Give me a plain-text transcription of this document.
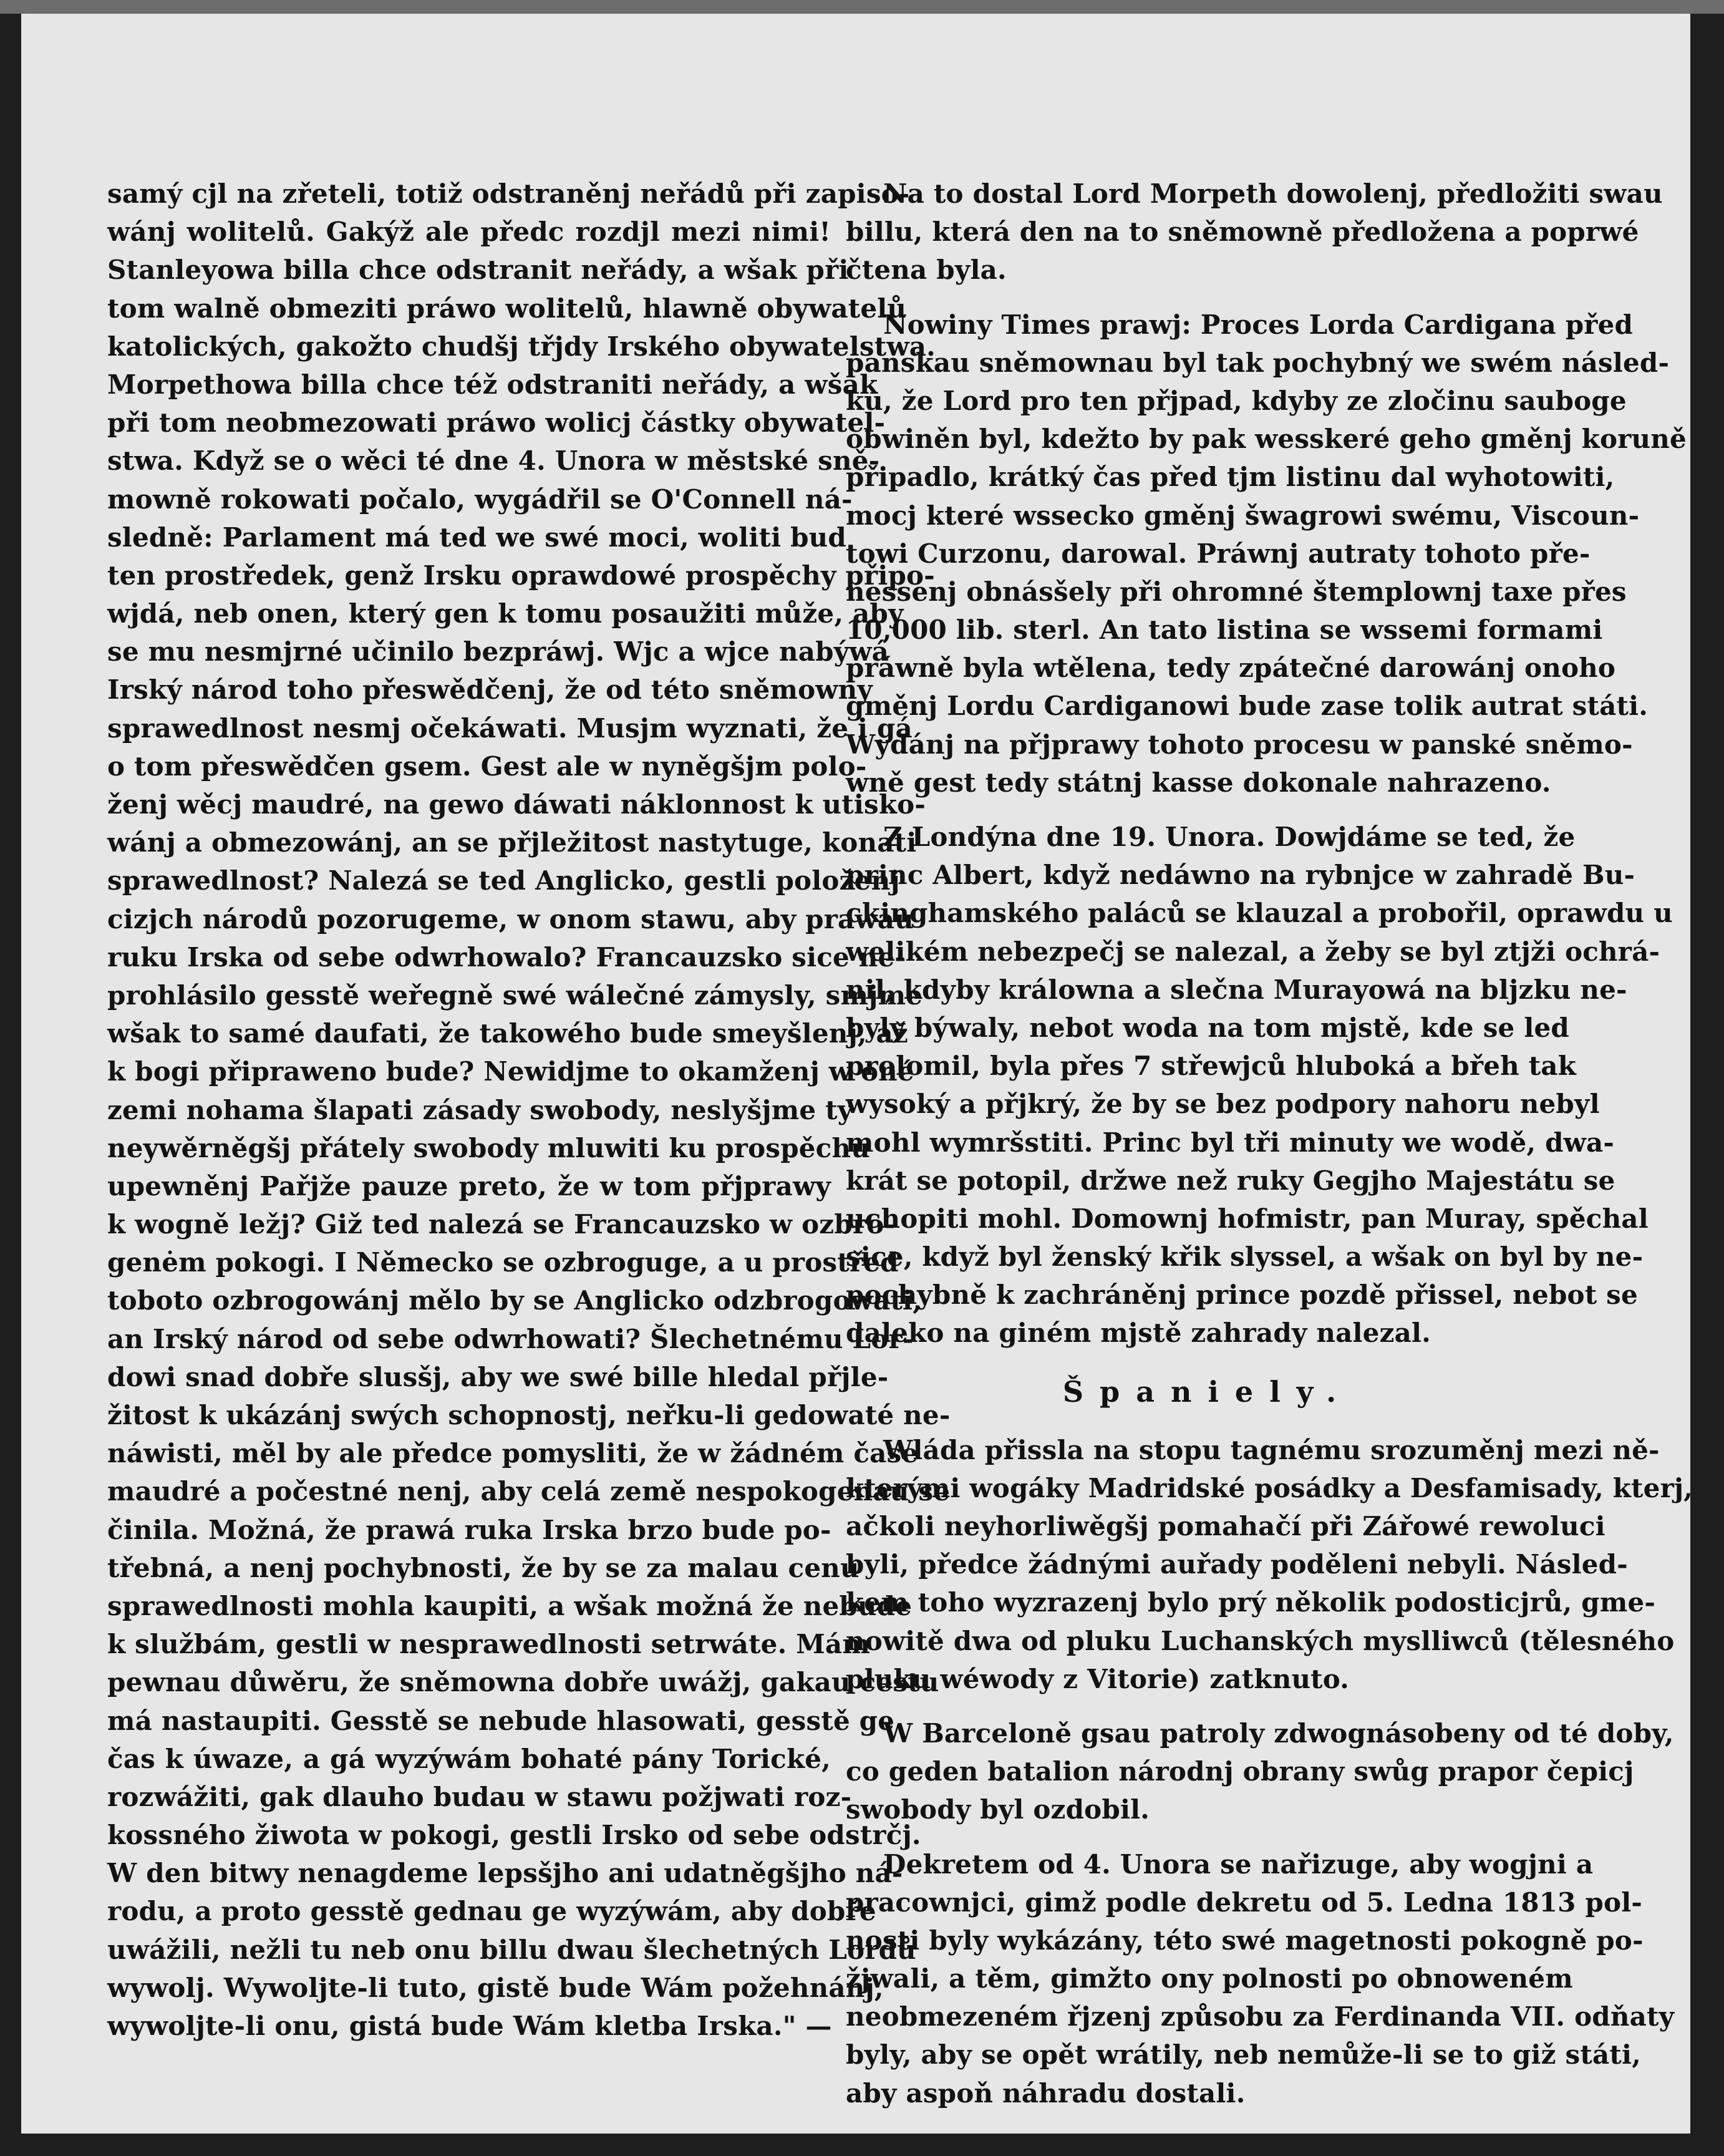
samý cjl na zřeteli, totiž odstraněnj neřádů při zapiso-
wánj wolitelů. Gakýž ale předc rozdjl mezi nimi!
Stanleyowa billa chce odstranit neřády, a wšak při
tom walně obmeziti práwo wolitelů, hlawně obywatelů
katolických, gakožto chudšj třjdy Irského obywatelstwa.
Morpethowa billa chce též odstraniti neřády, a wšak
při tom neobmezowati práwo wolicj částky obywatel-
stwa. Když se o wěci té dne 4. Unora w městské sně-
mowně rokowati počalo, wygádřil se O'Connell ná-
sledně: Parlament má ted we swé moci, woliti bud
ten prostředek, genž Irsku oprawdowé prospěchy připo-
wjdá, neb onen, který gen k tomu posaužiti může, aby
se mu nesmjrné učinilo bezpráwj. Wjc a wjce nabýwá
Irský národ toho přeswědčenj, že od této sněmowny
sprawedlnost nesmj očekáwati. Musjm wyznati, že i gá
o tom přeswědčen gsem. Gest ale w nyněgšjm polo-
ženj wěcj maudré, na gewo dáwati náklonnost k utisko-
wánj a obmezowánj, an se přjležitost nastytuge, konati
sprawedlnost? Nalezá se ted Anglicko, gestli položenj
cizjch národů pozorugeme, w onom stawu, aby prawau
ruku Irska od sebe odwrhowalo? Francauzsko sice ne-
prohlásilo gesstě weřegně swé wálečné zámysly, smjme
wšak to samé daufati, že takowého bude smeyšlenj, až
k bogi připraweno bude? Newidjme to okamženj w oné
zemi nohama šlapati zásady swobody, neslyšjme ty
neywěrněgšj přátely swobody mluwiti ku prospěchu
upewněnj Pařjže pauze preto, že w tom přjprawy
k wogně ležj? Giž ted nalezá se Francauzsko w ozbro-
genėm pokogi. I Německo se ozbroguge, a u prostřed
toboto ozbrogowánj mělo by se Anglicko odzbrogowati,
an Irský národ od sebe odwrhowati? Šlechetnému Lor-
dowi snad dobře slusšj, aby we swé bille hledal přjle-
žitost k ukázánj swých schopnostj, neřku-li gedowaté ne-
náwisti, měl by ale předce pomysliti, že w žádném čase
maudré a počestné nenj, aby celá země nespokogenau se
činila. Možná, že prawá ruka Irska brzo bude po-
třebná, a nenj pochybnosti, že by se za malau cenu
sprawedlnosti mohla kaupiti, a wšak možná že nebude
k službám, gestli w nesprawedlnosti setrwáte. Mám
pewnau důwěru, že sněmowna dobře uwážj, gakau cestu
má nastaupiti. Gesstě se nebude hlasowati, gesstě ge
čas k úwaze, a gá wyzýwám bohaté pány Torické,
rozwážiti, gak dlauho budau w stawu požjwati roz-
kossného žiwota w pokogi, gestli Irsko od sebe odstrčj.
W den bitwy nenagdeme lepsšjho ani udatněgšjho ná-
rodu, a proto gesstě gednau ge wyzýwám, aby dobře
uwážili, nežli tu neb onu billu dwau šlechetných Lordů
wywolj. Wywoljte-li tuto, gistě bude Wám požehnánj,
wywoljte-li onu, gistá bude Wám kletba Irska." —
Na to dostal Lord Morpeth dowolenj, předložiti swau
billu, která den na to sněmowně předložena a poprwé
čtena byla.
Nowiny Times prawj: Proces Lorda Cardigana před
panskau sněmownau byl tak pochybný we swém násled-
ku, že Lord pro ten přjpad, kdyby ze zločinu sauboge
obwiněn byl, kdežto by pak wesskeré geho gměnj koruně
připadlo, krátký čas před tjm listinu dal wyhotowiti,
mocj které wssecko gměnj šwagrowi swému, Viscoun-
towi Curzonu, darowal. Práwnj autraty tohoto pře-
nessenj obnásšely při ohromné štemplownj taxe přes
10,000 lib. sterl. An tato listina se wssemi formami
práwně byla wtělena, tedy zpátečné darowánj onoho
gměnj Lordu Cardiganowi bude zase tolik autrat státi.
Wydánj na přjprawy tohoto procesu w panské sněmo-
wně gest tedy státnj kasse dokonale nahrazeno.
Z Londýna dne 19. Unora. Dowjdáme se ted, že
princ Albert, když nedáwno na rybnjce w zahradě Bu-
ckinghamského paláců se klauzal a probořil, oprawdu u
welikém nebezpečj se nalezal, a žeby se byl ztjži ochrá-
nil, kdyby králowna a slečna Murayowá na bljzku ne-
byly býwaly, nebot woda na tom mjstě, kde se led
prolomil, byla přes 7 střewjců hluboká a břeh tak
wysoký a přjkrý, že by se bez podpory nahoru nebyl
mohl wymršstiti. Princ byl tři minuty we wodě, dwa-
krát se potopil, držwe než ruky Gegjho Majestátu se
uchopiti mohl. Domownj hofmistr, pan Muray, spěchal
sice, když byl ženský křik slyssel, a wšak on byl by ne-
pochybně k zachráněnj prince pozdě přissel, nebot se
daleko na giném mjstě zahrady nalezal.
Španiely.
Wláda přissla na stopu tagnému srozuměnj mezi ně-
kterými wogáky Madridské posádky a Desfamisady, kterj,
ačkoli neyhorliwěgšj pomahačí při Zářowé rewoluci
byli, předce žádnými auřady poděleni nebyli. Násled-
kem toho wyzrazenj bylo prý několik podosticjrů, gme-
nowitě dwa od pluku Luchanských myslliwců (tělesného
pluku wéwody z Vitorie) zatknuto.
W Barceloně gsau patroly zdwognásobeny od té doby,
co geden batalion národnj obrany swůg prapor čepicj
swobody byl ozdobil.
Dekretem od 4. Unora se nařizuge, aby wogjni a
pracownjci, gimž podle dekretu od 5. Ledna 1813 pol-
nosti byly wykázány, této swé magetnosti pokogně po-
žjwali, a těm, gimžto ony polnosti po obnoweném
neobmezeném řjzenj způsobu za Ferdinanda VII. odňaty
byly, aby se opět wrátily, neb nemůže-li se to giž státi,
aby aspoň náhradu dostali.
